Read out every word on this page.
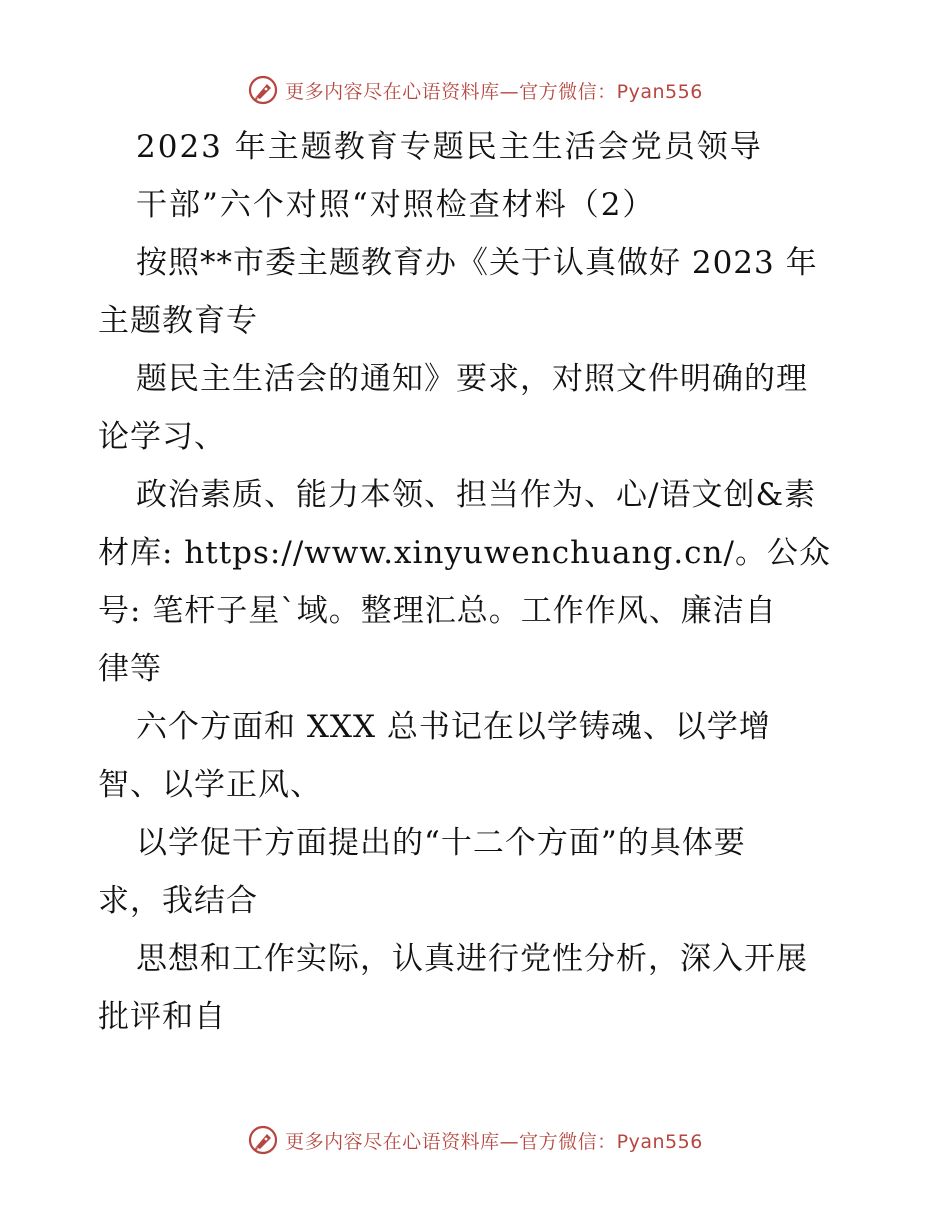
更多内容尽在心语资料库—官方微信：Pyan556
2023 年主题教育专题民主生活会党员领导
干部”六个对照“对照检查材料（2）
按照**市委主题教育办《关于认真做好 2023 年
主题教育专
题民主生活会的通知》要求，对照文件明确的理
论学习、
政治素质、能力本领、担当作为、心/语文创&素
材库: https://www.xinyuwenchuang.cn/。公众
号: 笔杆子星`域。整理汇总。工作作风、廉洁自
律等
六个方面和 XXX 总书记在以学铸魂、以学增
智、以学正风、
以学促干方面提出的“十二个方面”的具体要
求，我结合
思想和工作实际，认真进行党性分析，深入开展
批评和自
更多内容尽在心语资料库—官方微信：Pyan556
